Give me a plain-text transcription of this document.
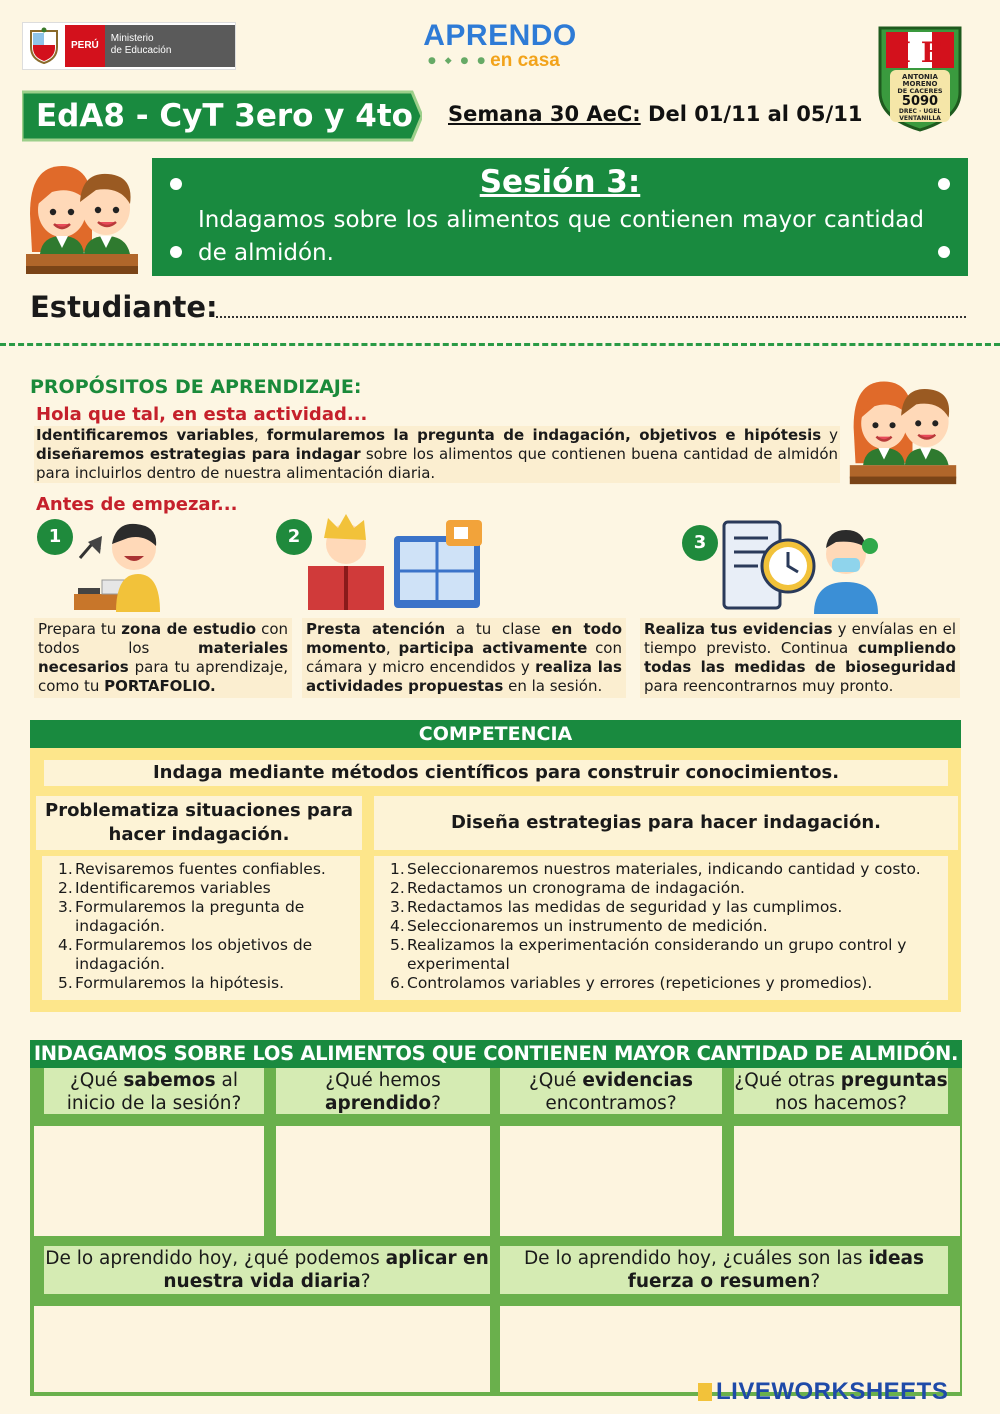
PERÚ
Ministerio
de Educación	APRENDO
● ◆ ● ● en casa	I E
ANTONIA
MORENO
DE CACERES
5090
DREC · UGEL
VENTANILLA
EdA8 - CyT 3ero y 4to	Semana 30 AeC: Del 01/11 al 05/11
Sesión 3:
Indagamos sobre los alimentos que contienen mayor cantidad de almidón.
Estudiante:
PROPÓSITOS DE APRENDIZAJE:
Hola que tal, en esta actividad...
Identificaremos variables, formularemos la pregunta de indagación, objetivos e hipótesis y diseñaremos estrategias para indagar sobre los alimentos que contienen buena cantidad de almidón para incluirlos dentro de nuestra alimentación diaria.
Antes de empezar...
1
Prepara tu zona de estudio con todos los materiales necesarios para tu aprendizaje, como tu PORTAFOLIO.
2
Presta atención a tu clase en todo momento, participa activamente con cámara y micro encendidos y realiza las actividades propuestas en la sesión.
3
Realiza tus evidencias y envíalas en el tiempo previsto. Continua cumpliendo todas las medidas de bioseguridad para reencontrarnos muy pronto.
COMPETENCIA
Indaga mediante métodos científicos para construir conocimientos.
Problematiza situaciones para hacer indagación.
Diseña estrategias para hacer indagación.
Revisaremos fuentes confiables.
Identificaremos variables
Formularemos la pregunta de indagación.
Formularemos los objetivos de indagación.
Formularemos la hipótesis.
Seleccionaremos nuestros materiales, indicando cantidad y costo.
Redactamos un cronograma de indagación.
Redactamos las medidas de seguridad y las cumplimos.
Seleccionaremos un instrumento de medición.
Realizamos la experimentación considerando un grupo control y experimental
Controlamos variables y errores (repeticiones y promedios).
INDAGAMOS SOBRE LOS ALIMENTOS QUE CONTIENEN MAYOR CANTIDAD DE ALMIDÓN.
¿Qué sabemos al inicio de la sesión?
¿Qué hemos aprendido?
¿Qué evidencias encontramos?
¿Qué otras preguntas nos hacemos?
De lo aprendido hoy, ¿qué podemos aplicar en nuestra vida diaria?
De lo aprendido hoy, ¿cuáles son las ideas fuerza o resumen?
LIVEWORKSHEETS
